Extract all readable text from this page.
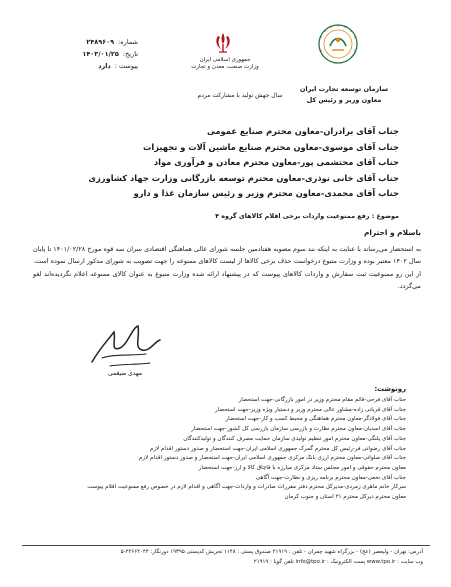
شماره:
۲۴۸۹۶۰۹
تاریخ:
۱۴۰۳/۰۱/۲۵
پیوست :
دارد
جمهوری اسلامی ایران
وزارت صنعت، معدن و تجارت
سال جهش تولید با مشارکت مردم
سازمان توسعه تجارت ایران
معاون وزیر و رئیس کل
جناب آقای برادران-معاون محترم صنایع عمومی
جناب آقای موسوی-معاون محترم صنایع ماشین آلات و تجهیزات
جناب آقای محتشمی پور-معاون محترم معادن و فرآوری مواد
جناب آقای خانی نوذری-معاون محترم توسعه بازرگانی وزارت جهاد کشاورزی
جناب آقای محمدی-معاون محترم وزیر و رئیس سازمان غذا و دارو
موضوع : رفع ممنوعیت واردات برخی اقلام کالاهای گروه ۴
باسلام و احترام
به استحضار می‌رساند با عنایت به اینکه بند سوم مصوبه هفتادمین جلسه شورای عالی هماهنگی اقتصادی سران سه قوه مورخ ۱۴۰۱/۰۲/۲۸ تا پایان سال ۱۴۰۲ معتبر بوده و وزارت متبوع درخواست حذف برخی کالاها از لیست کالاهای ممنوعه را جهت تصویب به شورای مذکور ارسال نموده است. از این رو ممنوعیت ثبت سفارش و واردات کالاهای پیوست که در پیشنهاد ارائه شده وزارت متبوع به عنوان کالای ممنوعه اعلام نگردیده‌اند لغو می‌گردد.
مهدی ضیغمی
رونوشت:
جناب آقای فرحی-قائم مقام محترم وزیر در امور بازرگانی-جهت استحضار
جناب آقای قربانی زاده-مشاور عالی محترم وزیر و دستیار ویژه وزیر-جهت استحضار
جناب آقای فولادگر-معاون محترم هماهنگی و محیط کسب و کار-جهت استحضار
جناب آقای اسدیان-معاون محترم نظارت و بازرسی سازمان بازرسی کل کشور-جهت استحضار
جناب آقای پلنگی-معاون محترم امور تنظیم تولیدی سازمان حمایت مصرف کنندگان و تولیدکنندگان
جناب آقای رضوانی فر-رئیس کل محترم گمرک جمهوری اسلامی ایران-جهت استحضار و صدور دستور اقدام لازم
جناب آقای صلواتی-معاون محترم ارزی بانک مرکزی جمهوری اسلامی ایران-جهت استحضار و صدور دستور اقدام لازم
معاون محترم حقوقی و امور مجلس ستاد مرکزی مبارزه با قاچاق کالا و ارز-جهت استحضار
جناب آقای نخعی-معاون محترم برنامه ریزی و نظارت-جهت آگاهی
سرکار خانم ماهری زمردی-مدیرکل محترم دفتر مقررات صادرات و واردات-جهت آگاهی و اقدام لازم در خصوص رفع ممنوعیت اقلام پیوست
معاون محترم دیرکل محترم ۳۱ استان و جنوب کرمان
آدرس: تهران - ولیعصر (عج) - بزرگراه شهید چمران - تلفن : ۲۱۹۱۹ صندوق پستی : ۱۱۴۸ تجریش کدپستی ۱۹۳۹۵ دورنگار: ۲۲۶۶۲۰۴۴-۵
وب سایت : www.tpo.ir پست الکترونیک : info@tpo.ir تلفن گویا : ۲۱۹۱۹
